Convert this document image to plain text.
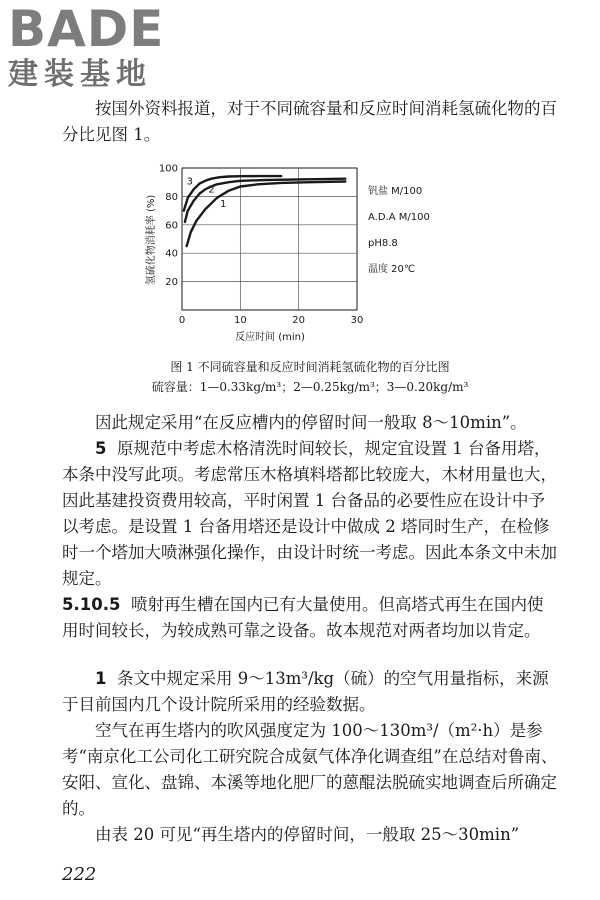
BADE
建装基地

按国外资料报道，对于不同硫容量和反应时间消耗氢硫化物的百分比见图 1。

20
40
60
80
100
0	10	20	30
1
2
3
氢硫化物消耗率 (%)
反应时间 (min)
钒盐 M/100
A.D.A M/100
pH8.8
温度 20℃
图 1 不同硫容量和反应时间消耗氢硫化物的百分比图
硫容量：1—0.33kg/m³；2—0.25kg/m³；3—0.20kg/m³

因此规定采用“在反应槽内的停留时间一般取 8～10min”。

5 原规范中考虑木格清洗时间较长，规定宜设置 1 台备用塔，本条中没写此项。考虑常压木格填料塔都比较庞大，木材用量也大，因此基建投资费用较高，平时闲置 1 台备品的必要性应在设计中予以考虑。是设置 1 台备用塔还是设计中做成 2 塔同时生产，在检修时一个塔加大喷淋强化操作，由设计时统一考虑。因此本条文中未加规定。

5.10.5 喷射再生槽在国内已有大量使用。但高塔式再生在国内使用时间较长，为较成熟可靠之设备。故本规范对两者均加以肯定。

1 条文中规定采用 9～13m³/kg（硫）的空气用量指标，来源于目前国内几个设计院所采用的经验数据。

空气在再生塔内的吹风强度定为 100～130m³/（m²·h）是参考“南京化工公司化工研究院合成氨气体净化调查组”在总结对鲁南、安阳、宣化、盘锦、本溪等地化肥厂的蒽醌法脱硫实地调查后所确定的。

由表 20 可见“再生塔内的停留时间，一般取 25～30min”

222
